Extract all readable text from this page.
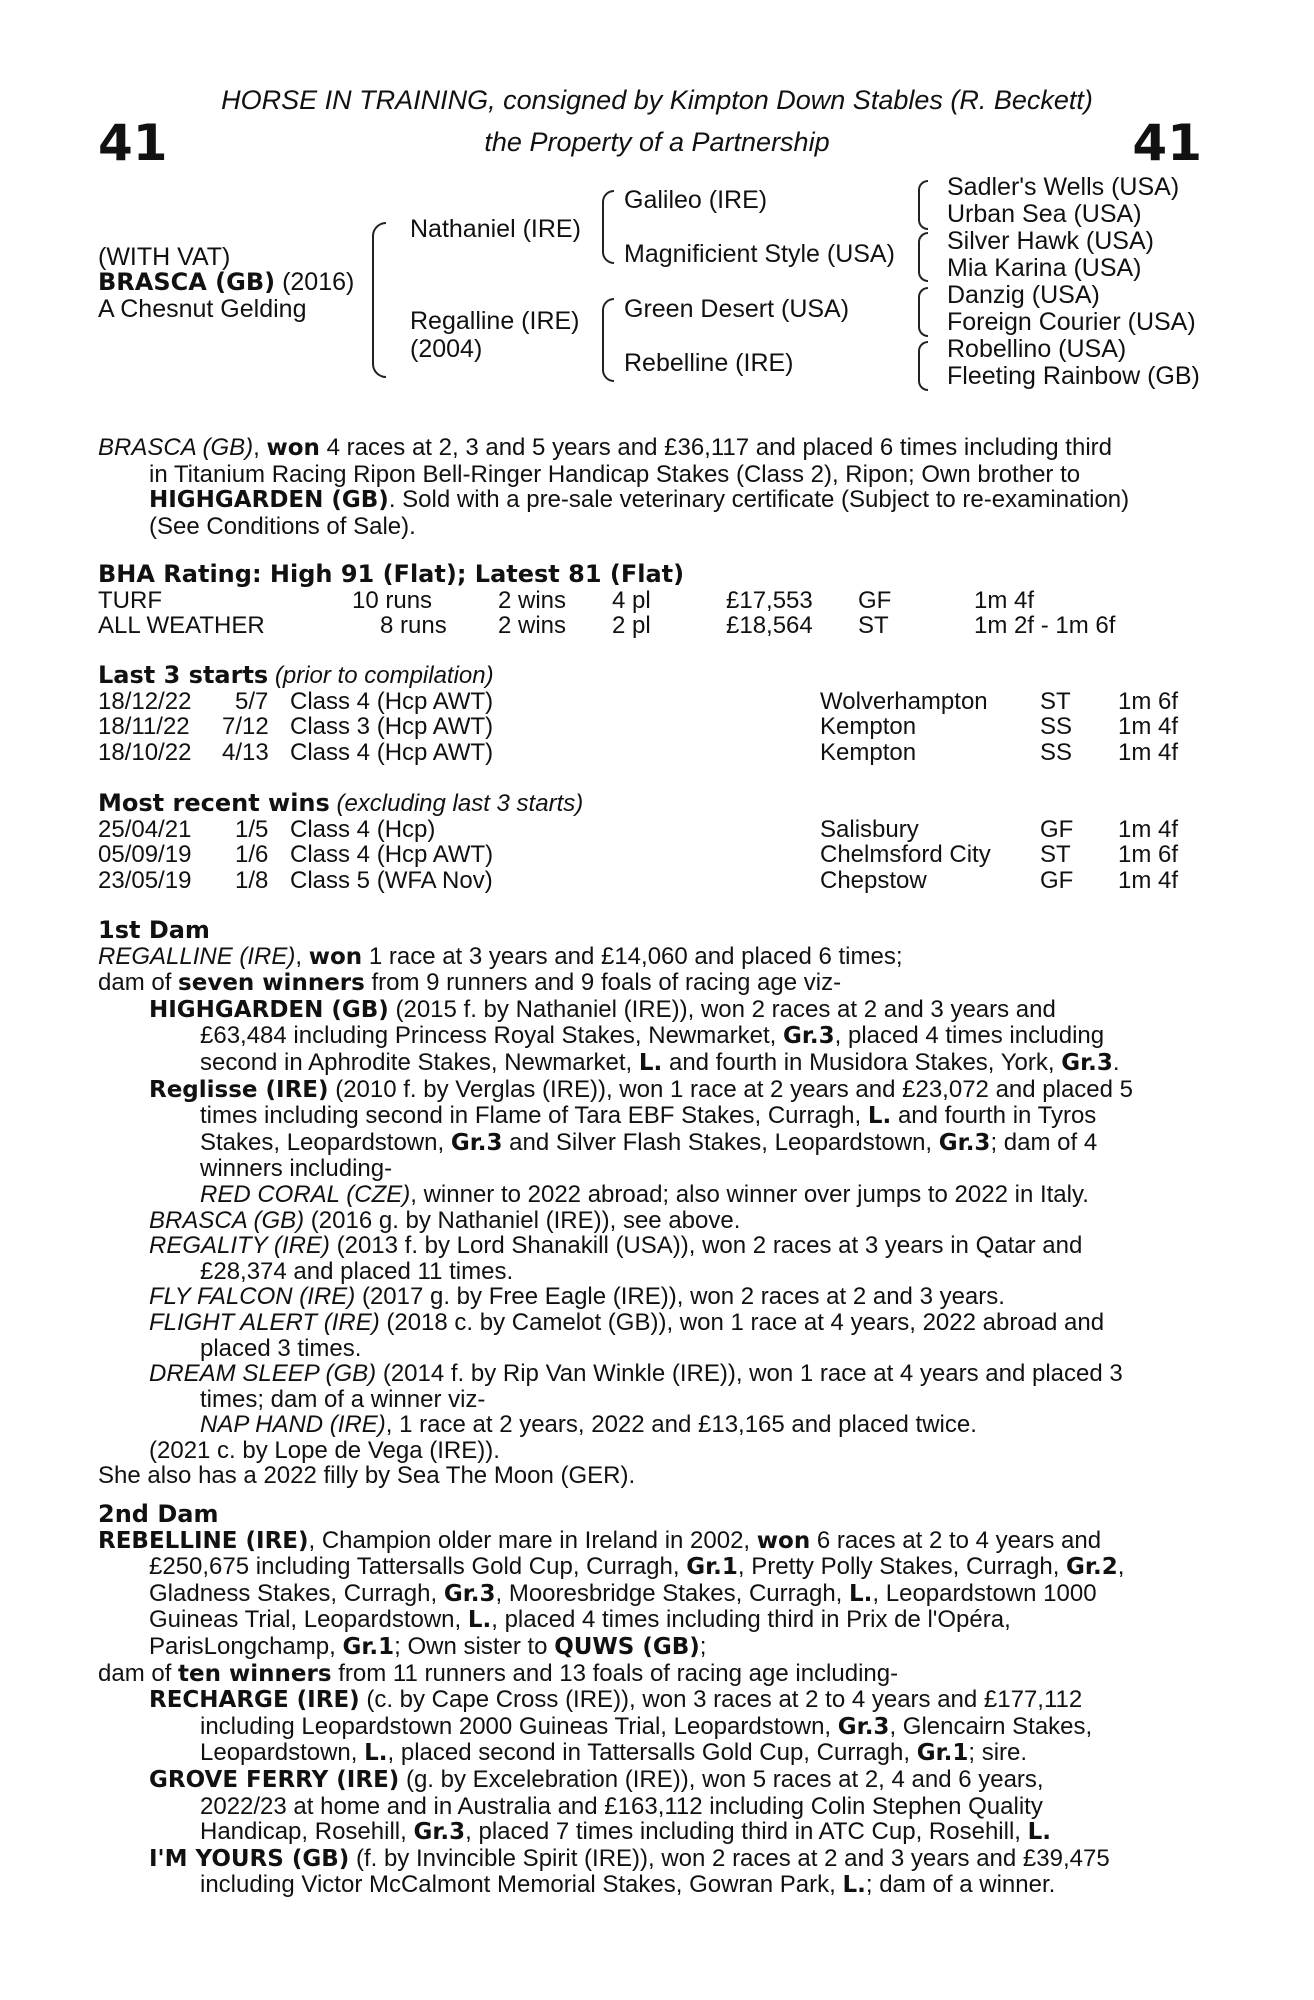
41	41
HORSE IN TRAINING, consigned by Kimpton Down Stables (R. Beckett)
the Property of a Partnership
(WITH VAT)
BRASCA (GB) (2016)
A Chesnut Gelding
Nathaniel (IRE)
Regalline (IRE)
(2004)
Galileo (IRE)
Magnificient Style (USA)
Green Desert (USA)
Rebelline (IRE)
Sadler's Wells (USA)
Urban Sea (USA)
Silver Hawk (USA)
Mia Karina (USA)
Danzig (USA)
Foreign Courier (USA)
Robellino (USA)
Fleeting Rainbow (GB)
BRASCA (GB), won 4 races at 2, 3 and 5 years and £36,117 and placed 6 times including third
in Titanium Racing Ripon Bell-Ringer Handicap Stakes (Class 2), Ripon; Own brother to
HIGHGARDEN (GB). Sold with a pre-sale veterinary certificate (Subject to re-examination)
(See Conditions of Sale).
BHA Rating: High 91 (Flat); Latest 81 (Flat)
TURF	10 runs	2 wins 4 pl	£17,553 GF	1m 4f
ALL WEATHER	8 runs 2 wins 2 pl	£18,564 ST	1m 2f - 1m 6f
Last 3 starts (prior to compilation)
18/12/22 5/7 Class 4 (Hcp AWT)	Wolverhampton ST 1m 6f
18/11/22 7/12 Class 3 (Hcp AWT)	Kempton	SS 1m 4f
18/10/22 4/13 Class 4 (Hcp AWT)	Kempton	SS 1m 4f
Most recent wins (excluding last 3 starts)
25/04/21 1/5 Class 4 (Hcp)	Salisbury	GF 1m 4f
05/09/19 1/6 Class 4 (Hcp AWT)	Chelmsford City ST 1m 6f
23/05/19 1/8 Class 5 (WFA Nov)	Chepstow	GF 1m 4f
1st Dam
REGALLINE (IRE), won 1 race at 3 years and £14,060 and placed 6 times;
dam of seven winners from 9 runners and 9 foals of racing age viz-
HIGHGARDEN (GB) (2015 f. by Nathaniel (IRE)), won 2 races at 2 and 3 years and
£63,484 including Princess Royal Stakes, Newmarket, Gr.3, placed 4 times including
second in Aphrodite Stakes, Newmarket, L. and fourth in Musidora Stakes, York, Gr.3.
Reglisse (IRE) (2010 f. by Verglas (IRE)), won 1 race at 2 years and £23,072 and placed 5
times including second in Flame of Tara EBF Stakes, Curragh, L. and fourth in Tyros
Stakes, Leopardstown, Gr.3 and Silver Flash Stakes, Leopardstown, Gr.3; dam of 4
winners including-
RED CORAL (CZE), winner to 2022 abroad; also winner over jumps to 2022 in Italy.
BRASCA (GB) (2016 g. by Nathaniel (IRE)), see above.
REGALITY (IRE) (2013 f. by Lord Shanakill (USA)), won 2 races at 3 years in Qatar and
£28,374 and placed 11 times.
FLY FALCON (IRE) (2017 g. by Free Eagle (IRE)), won 2 races at 2 and 3 years.
FLIGHT ALERT (IRE) (2018 c. by Camelot (GB)), won 1 race at 4 years, 2022 abroad and
placed 3 times.
DREAM SLEEP (GB) (2014 f. by Rip Van Winkle (IRE)), won 1 race at 4 years and placed 3
times; dam of a winner viz-
NAP HAND (IRE), 1 race at 2 years, 2022 and £13,165 and placed twice.
(2021 c. by Lope de Vega (IRE)).
She also has a 2022 filly by Sea The Moon (GER).
2nd Dam
REBELLINE (IRE), Champion older mare in Ireland in 2002, won 6 races at 2 to 4 years and
£250,675 including Tattersalls Gold Cup, Curragh, Gr.1, Pretty Polly Stakes, Curragh, Gr.2,
Gladness Stakes, Curragh, Gr.3, Mooresbridge Stakes, Curragh, L., Leopardstown 1000
Guineas Trial, Leopardstown, L., placed 4 times including third in Prix de l'Opéra,
ParisLongchamp, Gr.1; Own sister to QUWS (GB);
dam of ten winners from 11 runners and 13 foals of racing age including-
RECHARGE (IRE) (c. by Cape Cross (IRE)), won 3 races at 2 to 4 years and £177,112
including Leopardstown 2000 Guineas Trial, Leopardstown, Gr.3, Glencairn Stakes,
Leopardstown, L., placed second in Tattersalls Gold Cup, Curragh, Gr.1; sire.
GROVE FERRY (IRE) (g. by Excelebration (IRE)), won 5 races at 2, 4 and 6 years,
2022/23 at home and in Australia and £163,112 including Colin Stephen Quality
Handicap, Rosehill, Gr.3, placed 7 times including third in ATC Cup, Rosehill, L.
I'M YOURS (GB) (f. by Invincible Spirit (IRE)), won 2 races at 2 and 3 years and £39,475
including Victor McCalmont Memorial Stakes, Gowran Park, L.; dam of a winner.
